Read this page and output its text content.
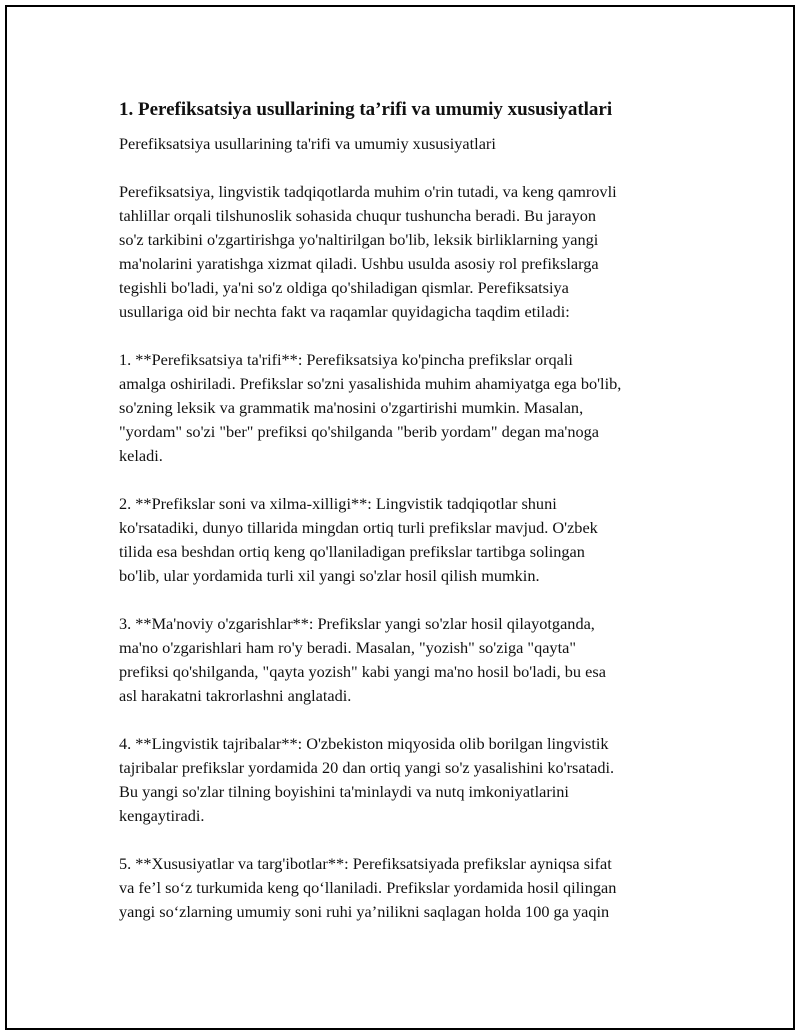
1. Perefiksatsiya usullarining ta’rifi va umumiy xususiyatlari
Perefiksatsiya usullarining ta'rifi va umumiy xususiyatlari
Perefiksatsiya, lingvistik tadqiqotlarda muhim o'rin tutadi, va keng qamrovli
tahlillar orqali tilshunoslik sohasida chuqur tushuncha beradi. Bu jarayon
so'z tarkibini o'zgartirishga yo'naltirilgan bo'lib, leksik birliklarning yangi
ma'nolarini yaratishga xizmat qiladi. Ushbu usulda asosiy rol prefikslarga
tegishli bo'ladi, ya'ni so'z oldiga qo'shiladigan qismlar. Perefiksatsiya
usullariga oid bir nechta fakt va raqamlar quyidagicha taqdim etiladi:
1. **Perefiksatsiya ta'rifi**: Perefiksatsiya ko'pincha prefikslar orqali
amalga oshiriladi. Prefikslar so'zni yasalishida muhim ahamiyatga ega bo'lib,
so'zning leksik va grammatik ma'nosini o'zgartirishi mumkin. Masalan,
"yordam" so'zi "ber" prefiksi qo'shilganda "berib yordam" degan ma'noga
keladi.
2. **Prefikslar soni va xilma-xilligi**: Lingvistik tadqiqotlar shuni
ko'rsatadiki, dunyo tillarida mingdan ortiq turli prefikslar mavjud. O'zbek
tilida esa beshdan ortiq keng qo'llaniladigan prefikslar tartibga solingan
bo'lib, ular yordamida turli xil yangi so'zlar hosil qilish mumkin.
3. **Ma'noviy o'zgarishlar**: Prefikslar yangi so'zlar hosil qilayotganda,
ma'no o'zgarishlari ham ro'y beradi. Masalan, "yozish" so'ziga "qayta"
prefiksi qo'shilganda, "qayta yozish" kabi yangi ma'no hosil bo'ladi, bu esa
asl harakatni takrorlashni anglatadi.
4. **Lingvistik tajribalar**: O'zbekiston miqyosida olib borilgan lingvistik
tajribalar prefikslar yordamida 20 dan ortiq yangi so'z yasalishini ko'rsatadi.
Bu yangi so'zlar tilning boyishini ta'minlaydi va nutq imkoniyatlarini
kengaytiradi.
5. **Xususiyatlar va targ'ibotlar**: Perefiksatsiyada prefikslar ayniqsa sifat
va fe’l so‘z turkumida keng qo‘llaniladi. Prefikslar yordamida hosil qilingan
yangi so‘zlarning umumiy soni ruhi ya’nilikni saqlagan holda 100 ga yaqin
